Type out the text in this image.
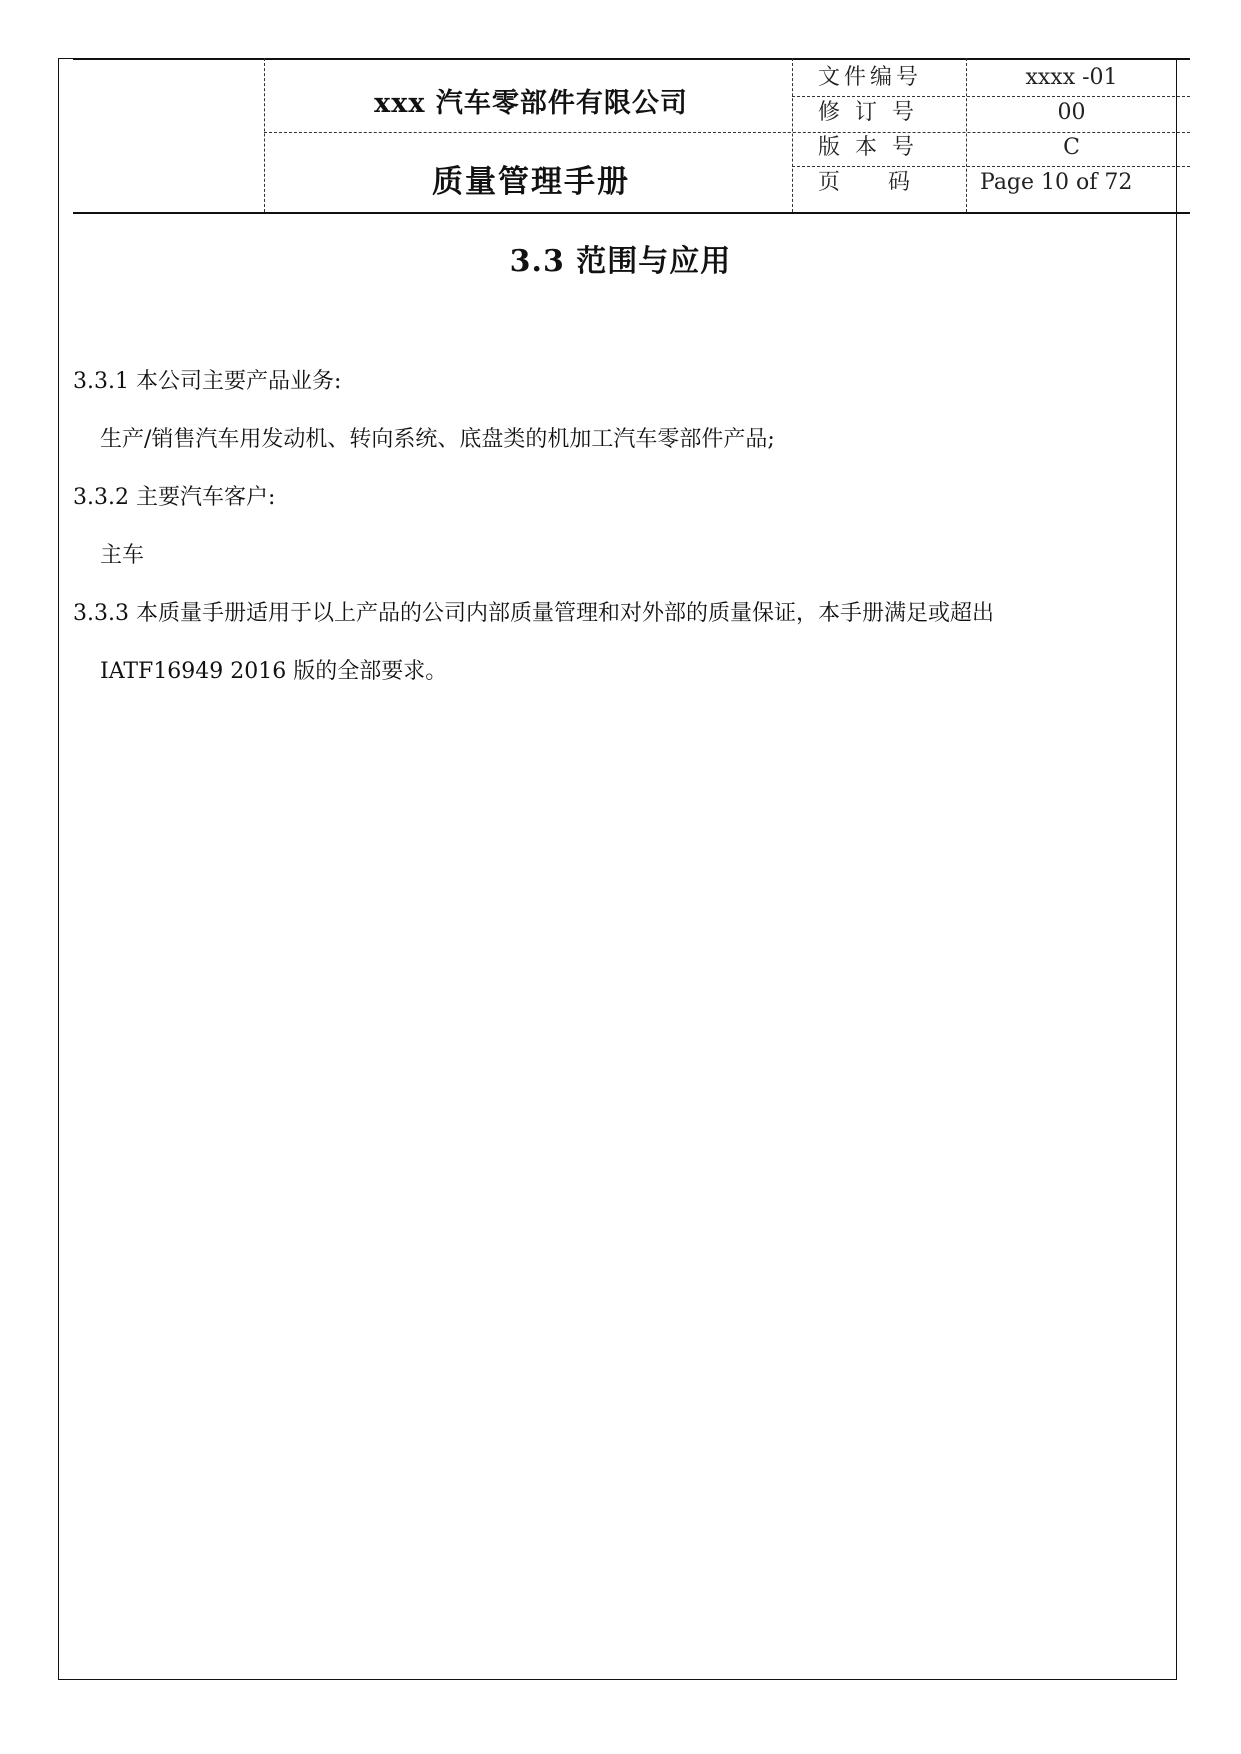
xxx 汽车零部件有限公司
质量管理手册
文件编号	xxxx -01
修 订 号	00
版 本 号	C
页    码	Page 10 of 72
3.3 范围与应用
3.3.1 本公司主要产品业务:
生产/销售汽车用发动机、转向系统、底盘类的机加工汽车零部件产品;
3.3.2 主要汽车客户:
主车
3.3.3 本质量手册适用于以上产品的公司内部质量管理和对外部的质量保证，本手册满足或超出
IATF16949 2016 版的全部要求。
